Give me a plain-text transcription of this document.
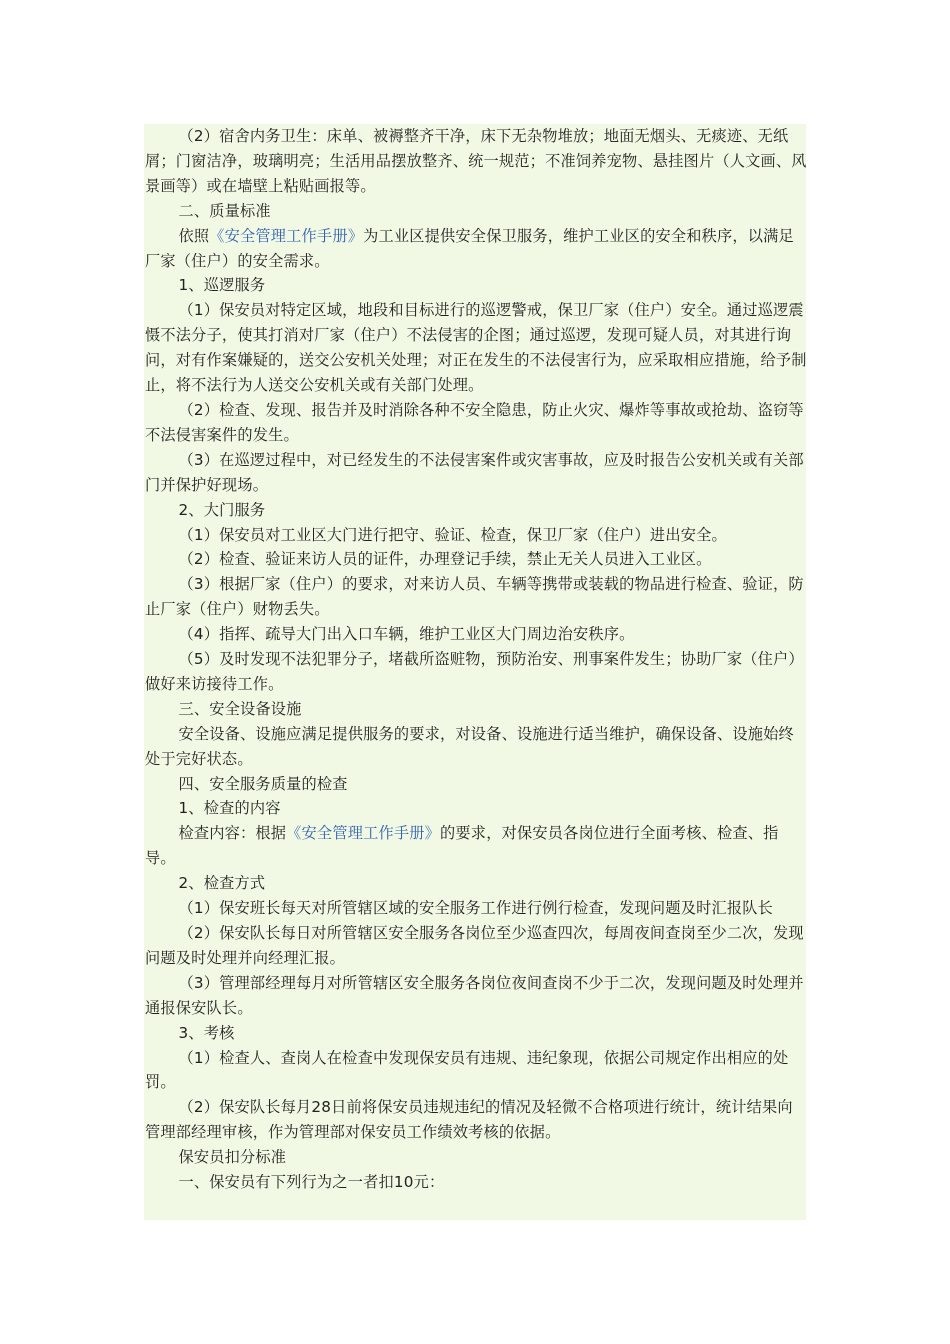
（2）宿舍内务卫生：床单、被褥整齐干净，床下无杂物堆放；地面无烟头、无痰迹、无纸屑；门窗洁净，玻璃明亮；生活用品摆放整齐、统一规范；不准饲养宠物、悬挂图片（人文画、风景画等）或在墙壁上粘贴画报等。

二、质量标准

依照《安全管理工作手册》为工业区提供安全保卫服务，维护工业区的安全和秩序，以满足厂家（住户）的安全需求。

1、巡逻服务

（1）保安员对特定区域，地段和目标进行的巡逻警戒，保卫厂家（住户）安全。通过巡逻震慑不法分子，使其打消对厂家（住户）不法侵害的企图；通过巡逻，发现可疑人员，对其进行询问，对有作案嫌疑的，送交公安机关处理；对正在发生的不法侵害行为，应采取相应措施，给予制止，将不法行为人送交公安机关或有关部门处理。

（2）检查、发现、报告并及时消除各种不安全隐患，防止火灾、爆炸等事故或抢劫、盗窃等不法侵害案件的发生。

（3）在巡逻过程中，对已经发生的不法侵害案件或灾害事故，应及时报告公安机关或有关部门并保护好现场。

2、大门服务

（1）保安员对工业区大门进行把守、验证、检查，保卫厂家（住户）进出安全。

（2）检查、验证来访人员的证件，办理登记手续，禁止无关人员进入工业区。

（3）根据厂家（住户）的要求，对来访人员、车辆等携带或装载的物品进行检查、验证，防止厂家（住户）财物丢失。

（4）指挥、疏导大门出入口车辆，维护工业区大门周边治安秩序。

（5）及时发现不法犯罪分子，堵截所盗赃物，预防治安、刑事案件发生；协助厂家（住户）做好来访接待工作。

三、安全设备设施

安全设备、设施应满足提供服务的要求，对设备、设施进行适当维护，确保设备、设施始终处于完好状态。

四、安全服务质量的检查

1、检查的内容

检查内容：根据《安全管理工作手册》的要求，对保安员各岗位进行全面考核、检查、指导。

2、检查方式

（1）保安班长每天对所管辖区域的安全服务工作进行例行检查，发现问题及时汇报队长

（2）保安队长每日对所管辖区安全服务各岗位至少巡查四次，每周夜间查岗至少二次，发现问题及时处理并向经理汇报。

（3）管理部经理每月对所管辖区安全服务各岗位夜间查岗不少于二次，发现问题及时处理并通报保安队长。

3、考核

（1）检查人、查岗人在检查中发现保安员有违规、违纪象现，依据公司规定作出相应的处罚。

（2）保安队长每月28日前将保安员违规违纪的情况及轻微不合格项进行统计，统计结果向管理部经理审核，作为管理部对保安员工作绩效考核的依据。

保安员扣分标准

一、保安员有下列行为之一者扣10元：
